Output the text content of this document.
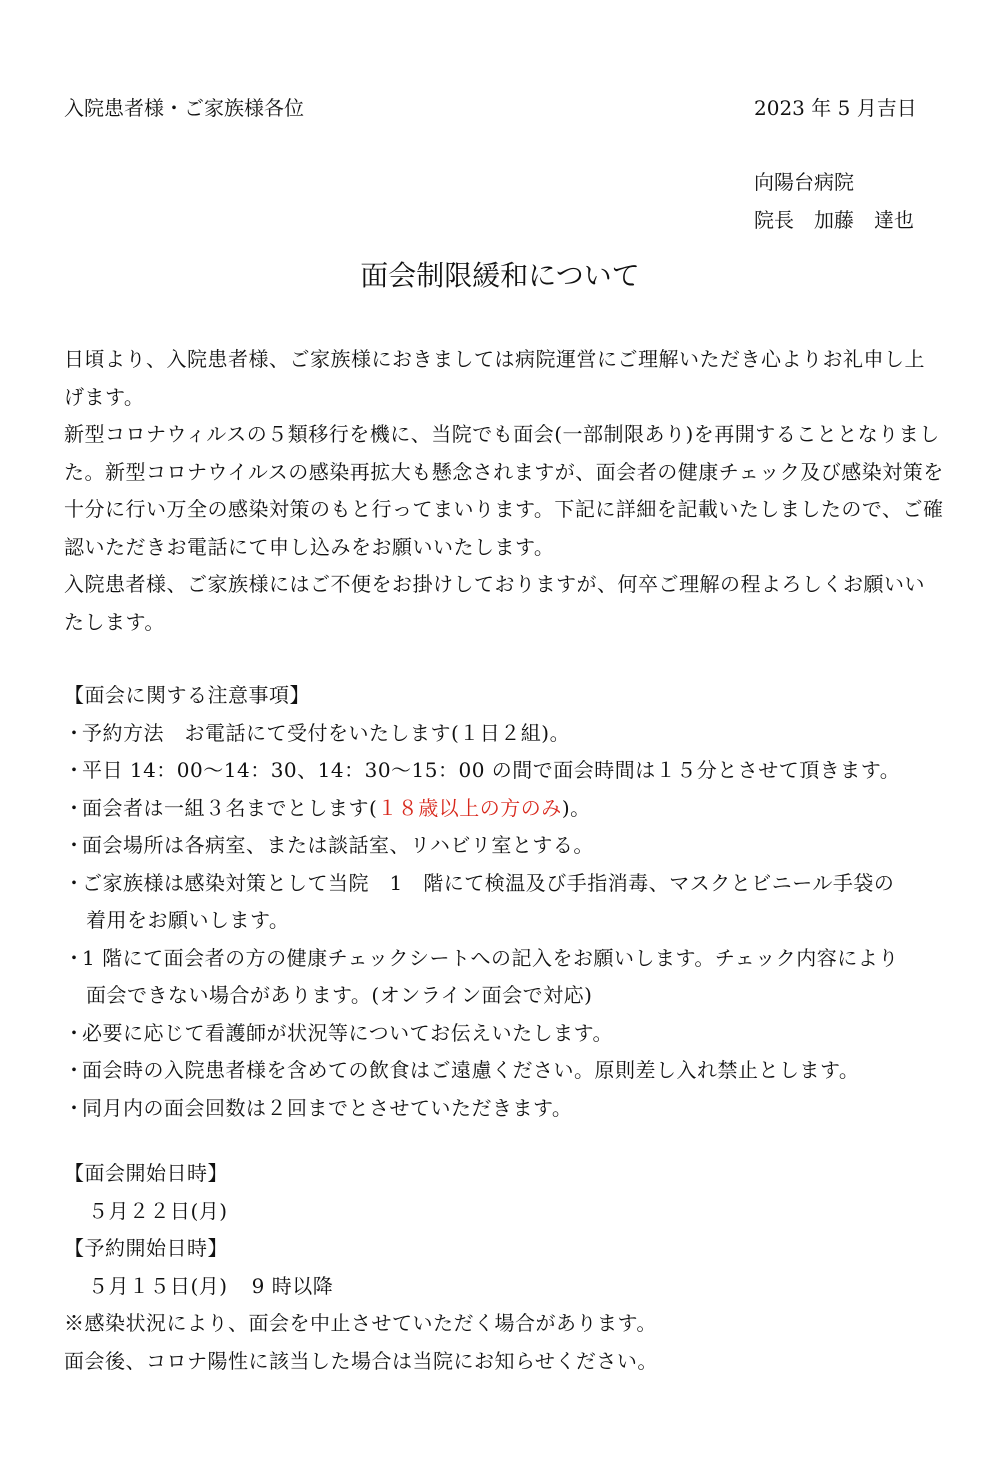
入院患者様・ご家族様各位	2023 年 5 月吉日
向陽台病院
院長　加藤　達也
面会制限緩和について

日頃より、入院患者様、ご家族様におきましては病院運営にご理解いただき心よりお礼申し上げます。

新型コロナウィルスの５類移行を機に、当院でも面会(一部制限あり)を再開することとなりました。新型コロナウイルスの感染再拡大も懸念されますが、面会者の健康チェック及び感染対策を十分に行い万全の感染対策のもと行ってまいります。下記に詳細を記載いたしましたので、ご確認いただきお電話にて申し込みをお願いいたします。

入院患者様、ご家族様にはご不便をお掛けしておりますが、何卒ご理解の程よろしくお願いいたします。

【面会に関する注意事項】
・
予約方法　お電話にて受付をいたします(１日２組)。
・
平日 14：00〜14：30、14：30〜15：00 の間で面会時間は１５分とさせて頂きます。
・
面会者は一組３名までとします(１８歳以上の方のみ)。
・
面会場所は各病室、または談話室、リハビリ室とする。
・
ご家族様は感染対策として当院　1　階にて検温及び手指消毒、マスクとビニール手袋の
着用をお願いします。
・
1 階にて面会者の方の健康チェックシートへの記入をお願いします。チェック内容により
面会できない場合があります。(オンライン面会で対応)
・
必要に応じて看護師が状況等についてお伝えいたします。
・
面会時の入院患者様を含めての飲食はご遠慮ください。原則差し入れ禁止とします。
・
同月内の面会回数は２回までとさせていただきます。
【面会開始日時】
５月２２日(月)
【予約開始日時】
５月１５日(月) 9 時以降
※感染状況により、面会を中止させていただく場合があります。
面会後、コロナ陽性に該当した場合は当院にお知らせください。
